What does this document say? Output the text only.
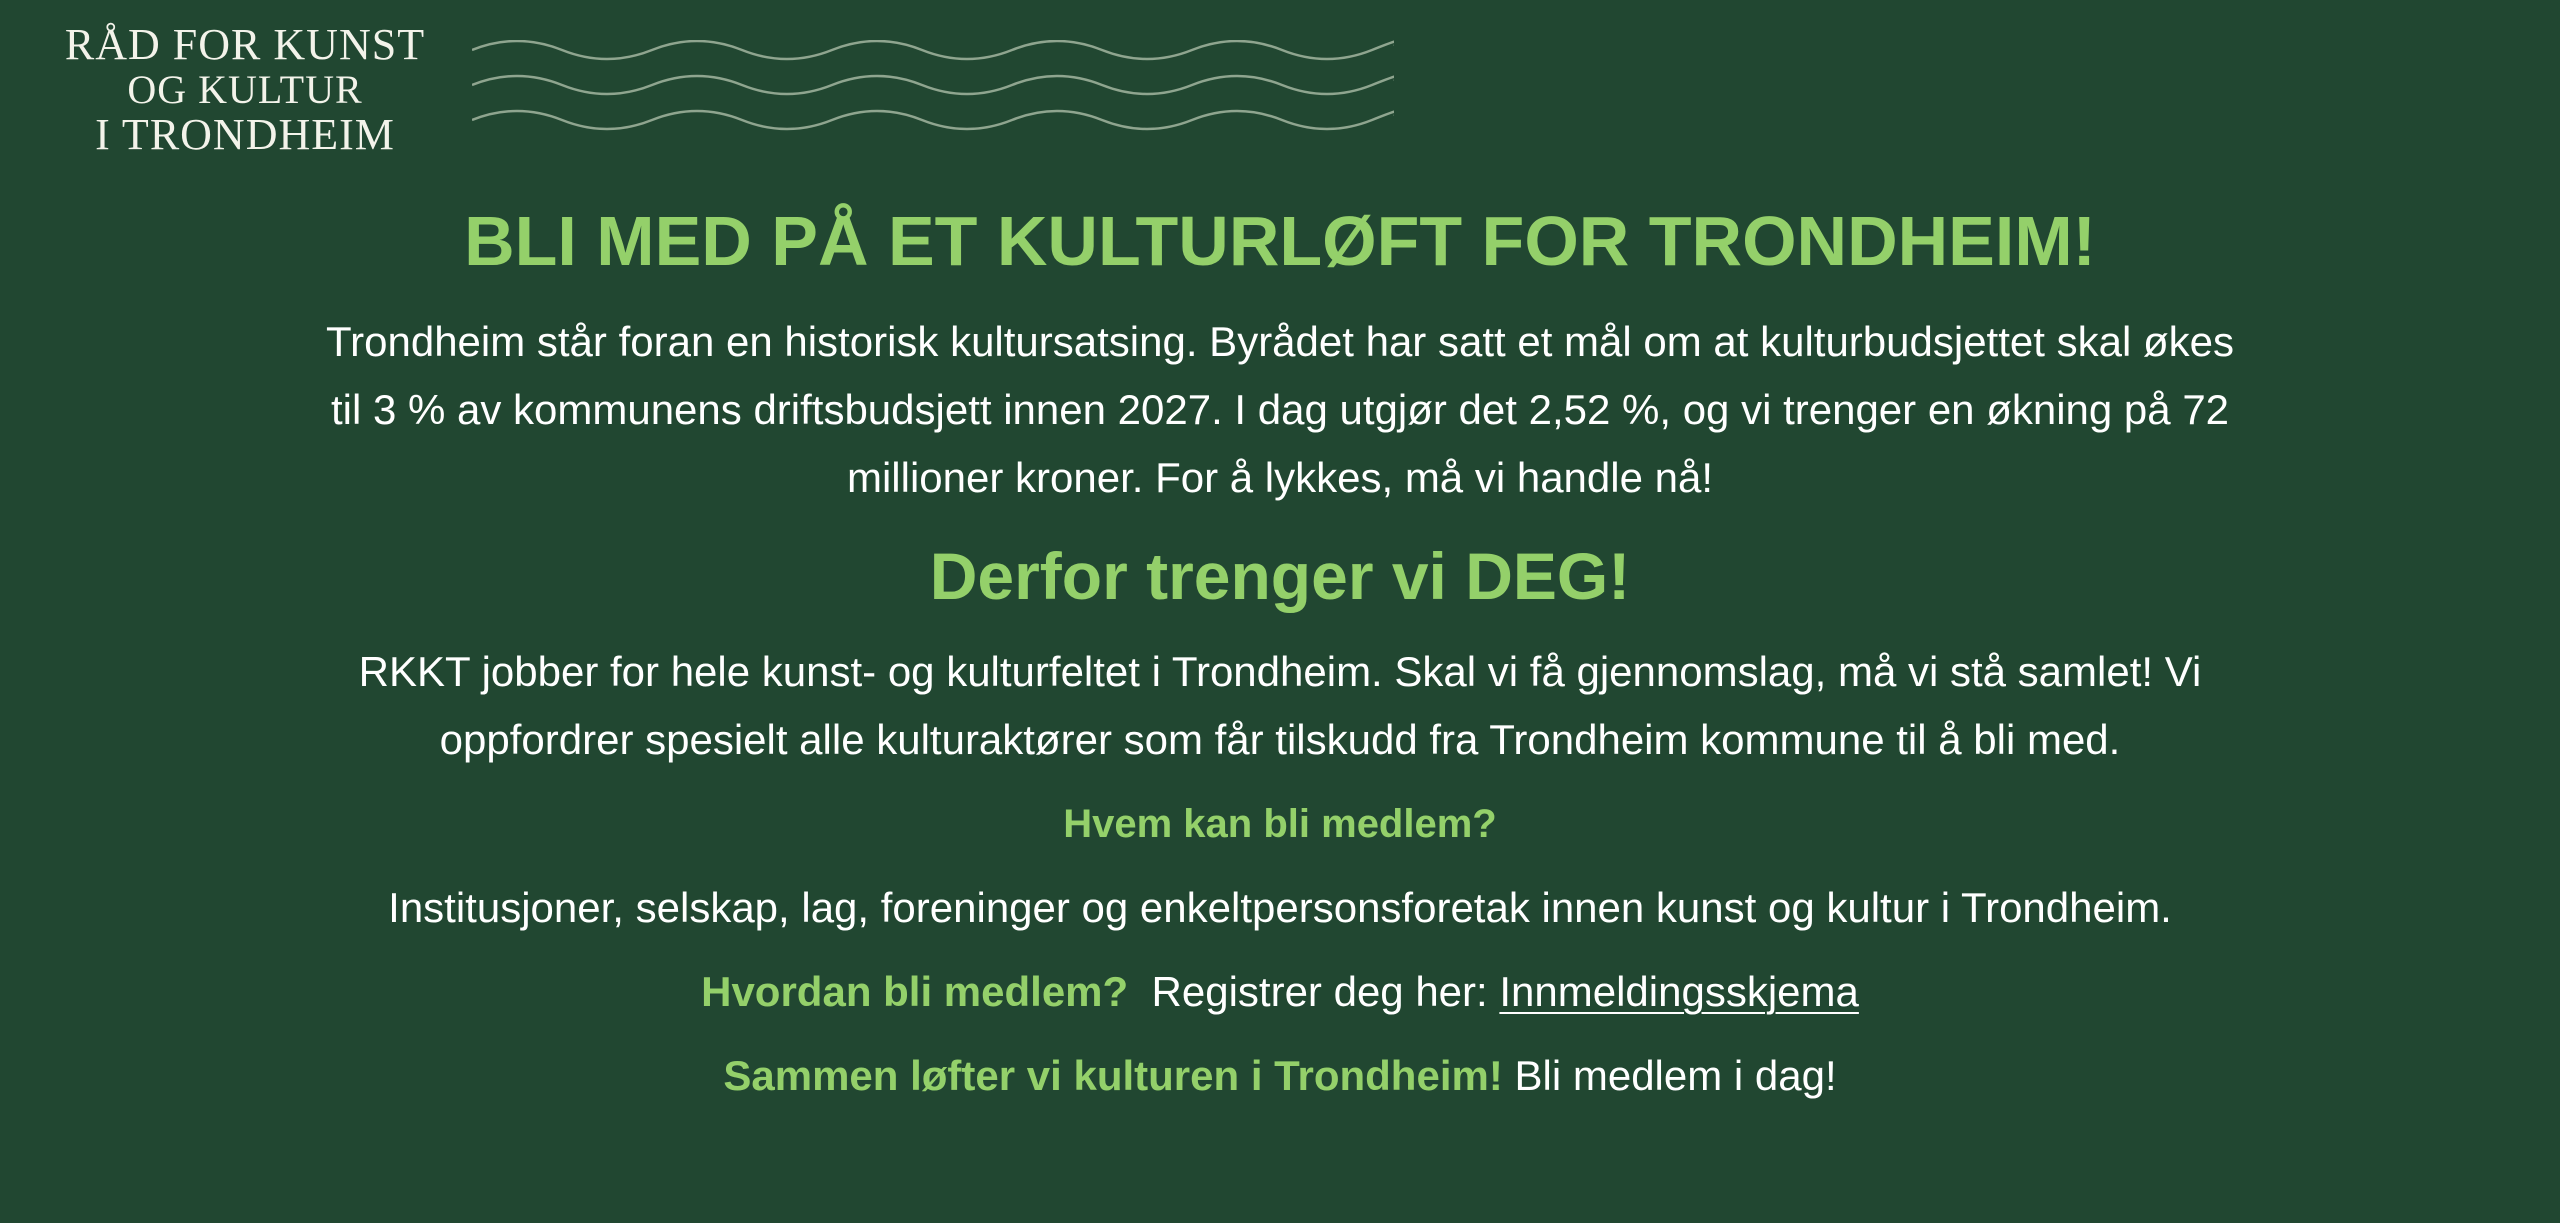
RÅD FOR KUNST
OG KULTUR
I TRONDHEIM
BLI MED PÅ ET KULTURLØFT FOR TRONDHEIM!
Trondheim står foran en historisk kultursatsing. Byrådet har satt et mål om at kulturbudsjettet skal økes
til 3 % av kommunens driftsbudsjett innen 2027. I dag utgjør det 2,52 %, og vi trenger en økning på 72
millioner kroner. For å lykkes, må vi handle nå!
Derfor trenger vi DEG!
RKKT jobber for hele kunst- og kulturfeltet i Trondheim. Skal vi få gjennomslag, må vi stå samlet! Vi
oppfordrer spesielt alle kulturaktører som får tilskudd fra Trondheim kommune til å bli med.
Hvem kan bli medlem?
Institusjoner, selskap, lag, foreninger og enkeltpersonsforetak innen kunst og kultur i Trondheim.
Hvordan bli medlem? Registrer deg her: Innmeldingsskjema
Sammen løfter vi kulturen i Trondheim! Bli medlem i dag!
